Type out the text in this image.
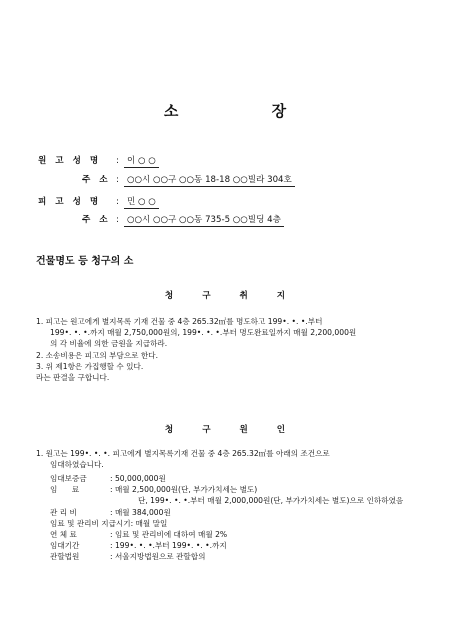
소 장
원 고 성 명 : 이 ○ ○
주 소 : ○○시 ○○구 ○○동 18-18 ○○빌라 304호
피 고 성 명 : 민 ○ ○
주 소 : ○○시 ○○구 ○○동 735-5 ○○빌딩 4층
건물명도 등 청구의 소
청 구 취 지
1. 피고는 원고에게 별지목록 기재 건물 중 4층 265.32㎡를 명도하고 199•. •. •.부터
199•. •. •.까지 매월 2,750,000원의, 199•. •. •.부터 명도완료일까지 매월 2,200,000원
의 각 비율에 의한 금원을 지급하라.
2. 소송비용은 피고의 부담으로 한다.
3. 위 제1항은 가집행할 수 있다.
라는 판결을 구합니다.
청 구 원 인
1. 원고는 199•. •. •. 피고에게 별지목록기재 건물 중 4층 265.32㎡를 아래의 조건으로
임대하였습니다.
임대보증금	: 50,000,000원
임      료	: 매월 2,500,000원(단, 부가가치세는 별도)
단, 199•. •. •.부터 매월 2,000,000원(단, 부가가치세는 별도)으로 인하하였음
관 리 비	: 매월 384,000원
임료 및 관리비 지급시기: 매월 말일
연 체 료	: 임료 및 관리비에 대하여 매월 2%
임대기간	: 199•. •. •.부터 199•. •. •.까지
관할법원	: 서울지방법원으로 관할합의
